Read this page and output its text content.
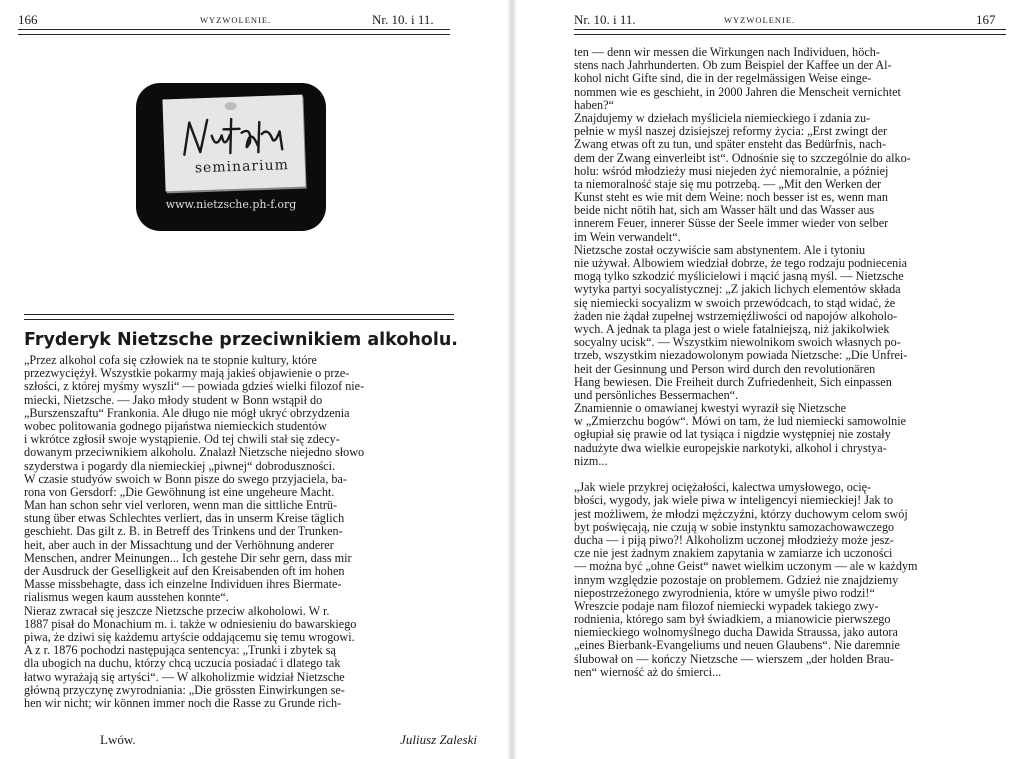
166	WYZWOLENIE.	Nr. 10. i 11.
seminarium
www.nietzsche.ph-f.org
Fryderyk Nietzsche przeciwnikiem alkoholu.
„Przez alkohol cofa się człowiek na te stopnie kultury, które
przezwyciężył. Wszystkie pokarmy mają jakieś objawienie o prze-
szłości, z której myśmy wyszli“ — powiada gdzieś wielki filozof nie-
miecki, Nietzsche. — Jako młody student w Bonn wstąpił do
„Burszenszaftu“ Frankonia. Ale długo nie mógł ukryć obrzydzenia
wobec politowania godnego pijaństwa niemieckich studentów
i wkrótce zgłosił swoje wystąpienie. Od tej chwili stał się zdecy-
dowanym przeciwnikiem alkoholu. Znalazł Nietzsche niejedno słowo
szyderstwa i pogardy dla niemieckiej „piwnej“ dobroduszności.
W czasie studyów swoich w Bonn pisze do swego przyjaciela, ba-
rona von Gersdorf: „Die Gewöhnung ist eine ungeheure Macht.
Man han schon sehr viel verloren, wenn man die sittliche Entrü-
stung über etwas Schlechtes verliert, das in unserm Kreise täglich
geschieht. Das gilt z. B. in Betreff des Trinkens und der Trunken-
heit, aber auch in der Missachtung und der Verhöhnung anderer
Menschen, andrer Meinungen... Ich gestehe Dir sehr gern, dass mir
der Ausdruck der Geselligkeit auf den Kreisabenden oft im hohen
Masse missbehagte, dass ich einzelne Individuen ihres Biermate-
rialismus wegen kaum ausstehen konnte“.
Nieraz zwracał się jeszcze Nietzsche przeciw alkoholowi. W r.
1887 pisał do Monachium m. i. także w odniesieniu do bawarskiego
piwa, że dziwi się każdemu artyście oddającemu się temu wrogowi.
A z r. 1876 pochodzi następująca sentencya: „Trunki i zbytek są
dla ubogich na duchu, którzy chcą uczucia posiadać i dlatego tak
łatwo wyrażają się artyści“. — W alkoholizmie widział Nietzsche
główną przyczynę zwyrodniania: „Die grössten Einwirkungen se-
hen wir nicht; wir können immer noch die Rasse zu Grunde rich-
Nr. 10. i 11.	WYZWOLENIE.	167
ten — denn wir messen die Wirkungen nach Individuen, höch-
stens nach Jahrhunderten. Ob zum Beispiel der Kaffee un der Al-
kohol nicht Gifte sind, die in der regelmässigen Weise einge-
nommen wie es geschieht, in 2000 Jahren die Menscheit vernichtet
haben?“
Znajdujemy w dziełach myśliciela niemieckiego i zdania zu-
pełnie w myśl naszej dzisiejszej reformy życia: „Erst zwingt der
Zwang etwas oft zu tun, und später ensteht das Bedürfnis, nach-
dem der Zwang einverleibt ist“. Odnośnie się to szczególnie do alko-
holu: wśród młodzieży musi niejeden żyć niemoralnie, a później
ta niemoralność staje się mu potrzebą. — „Mit den Werken der
Kunst steht es wie mit dem Weine: noch besser ist es, wenn man
beide nicht nötih hat, sich am Wasser hält und das Wasser aus
innerem Feuer, innerer Süsse der Seele immer wieder von selber
im Wein verwandelt“.
Nietzsche został oczywiście sam abstynentem. Ale i tytoniu
nie używał. Albowiem wiedział dobrze, że tego rodzaju podniecenia
mogą tylko szkodzić myślicielowi i mącić jasną myśl. — Nietzsche
wytyka partyi socyalistycznej: „Z jakich lichych elementów składa
się niemiecki socyalizm w swoich przewódcach, to stąd widać, że
żaden nie żądał zupełnej wstrzemięźliwości od napojów alkoholo-
wych. A jednak ta plaga jest o wiele fatalniejszą, niż jakikolwiek
socyalny ucisk“. — Wszystkim niewolnikom swoich własnych po-
trzeb, wszystkim niezadowolonym powiada Nietzsche: „Die Unfrei-
heit der Gesinnung und Person wird durch den revolutionären
Hang bewiesen. Die Freiheit durch Zufriedenheit, Sich einpassen
und persönliches Bessermachen“.
Znamiennie o omawianej kwestyi wyraził się Nietzsche
w „Zmierzchu bogów“. Mówi on tam, że lud niemiecki samowolnie
ogłupiał się prawie od lat tysiąca i nigdzie występniej nie zostały
nadużyte dwa wielkie europejskie narkotyki, alkohol i chrystya-
nizm...
„Jak wiele przykrej ociężałości, kalectwa umysłowego, ocię-
błości, wygody, jak wiele piwa w inteligencyi niemieckiej! Jak to
jest możliwem, że młodzi mężczyźni, którzy duchowym celom swój
byt poświęcają, nie czują w sobie instynktu samozachowawczego
ducha — i piją piwo?! Alkoholizm uczonej młodzieży może jesz-
cze nie jest żadnym znakiem zapytania w zamiarze ich uczoności
— można być „ohne Geist“ nawet wielkim uczonym — ale w każdym
innym względzie pozostaje on problemem. Gdzież nie znajdziemy
niepostrzeżonego zwyrodnienia, które w umyśle piwo rodzi!“
Wreszcie podaje nam filozof niemiecki wypadek takiego zwy-
rodnienia, którego sam był świadkiem, a mianowicie pierwszego
niemieckiego wolnomyślnego ducha Dawida Straussa, jako autora
„eines Bierbank-Evangeliums und neuen Glaubens“. Nie daremnie
ślubował on — kończy Nietzsche — wierszem „der holden Brau-
nen“ wierność aż do śmierci...
Lwów.	Juliusz Zaleski
